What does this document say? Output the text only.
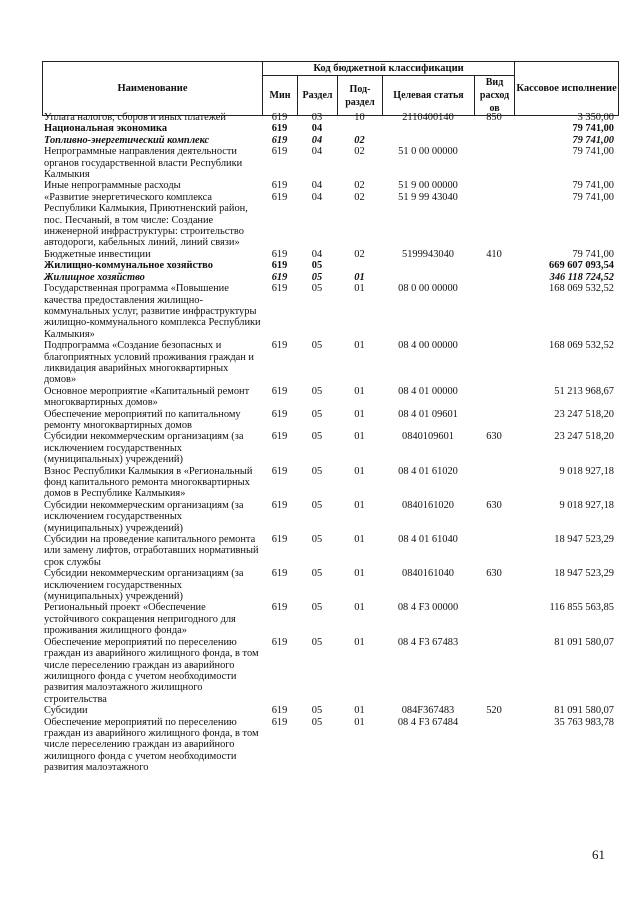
Наименование	Код бюджетной классификации					Кассовое исполнение
	Мин	Раздел	Под-раздел	Целевая статья	Вид расход ов	
Уплата налогов, сборов и иных платежей	619	03	10	2110400140	850	3 350,00
Национальная экономика	619	04				79 741,00
Топливно-энергетический комплекс	619	04	02			79 741,00
Непрограммные направления деятельности органов государственной власти Республики Калмыкия	619	04	02	51 0 00 00000		79 741,00
Иные непрограммные расходы	619	04	02	51 9 00 00000		79 741,00
«Развитие энергетического комплекса Республики Калмыкия, Приютненский район, пос. Песчаный, в том числе: Создание инженерной инфраструктуры: строительство автодороги, кабельных линий, линий связи»	619	04	02	51 9 99 43040		79 741,00
Бюджетные инвестиции	619	04	02	5199943040	410	79 741,00
Жилищно-коммунальное хозяйство	619	05				669 607 093,54
Жилищное хозяйство	619	05	01			346 118 724,52
Государственная программа «Повышение качества предоставления жилищно-коммунальных услуг, развитие инфраструктуры жилищно-коммунального комплекса Республики Калмыкия»	619	05	01	08 0 00 00000		168 069 532,52
Подпрограмма «Создание безопасных и благоприятных условий проживания граждан и ликвидация аварийных многоквартирных домов»	619	05	01	08 4 00 00000		168 069 532,52
Основное мероприятие «Капитальный ремонт многоквартирных домов»	619	05	01	08 4 01 00000		51 213 968,67
Обеспечение мероприятий по капитальному ремонту многоквартирных домов	619	05	01	08 4 01 09601		23 247 518,20
Субсидии некоммерческим организациям (за исключением государственных (муниципальных) учреждений)	619	05	01	0840109601	630	23 247 518,20
Взнос Республики Калмыкия в «Региональный фонд капитального ремонта многоквартирных домов в Республике Калмыкия»	619	05	01	08 4 01 61020		9 018 927,18
Субсидии некоммерческим организациям (за исключением государственных (муниципальных) учреждений)	619	05	01	0840161020	630	9 018 927,18
Субсидии на проведение капитального ремонта или замену лифтов, отработавших нормативный срок службы	619	05	01	08 4 01 61040		18 947 523,29
Субсидии некоммерческим организациям (за исключением государственных (муниципальных) учреждений)	619	05	01	0840161040	630	18 947 523,29
Региональный проект «Обеспечение устойчивого сокращения непригодного для проживания жилищного фонда»	619	05	01	08 4 F3 00000		116 855 563,85
Обеспечение мероприятий по переселению граждан из аварийного жилищного фонда, в том числе переселению граждан из аварийного жилищного фонда с учетом необходимости развития малоэтажного жилищного строительства	619	05	01	08 4 F3 67483		81 091 580,07
Субсидии	619	05	01	084F367483	520	81 091 580,07
Обеспечение мероприятий по переселению граждан из аварийного жилищного фонда, в том числе переселению граждан из аварийного жилищного фонда с учетом необходимости развития малоэтажного	619	05	01	08 4 F3 67484		35 763 983,78
61
